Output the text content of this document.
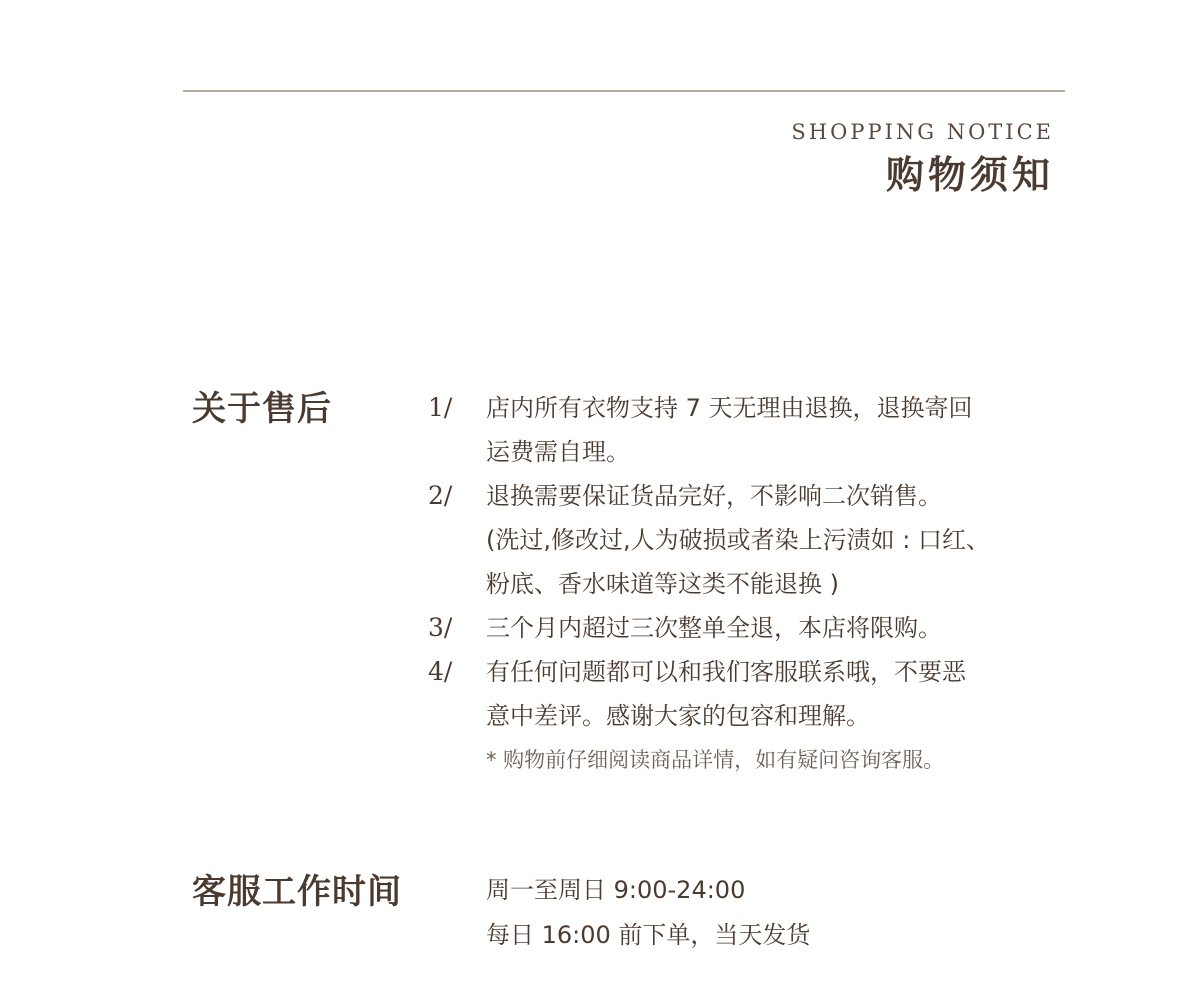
SHOPPING NOTICE
购物须知
关于售后	1/ 店内所有衣物支持 7 天无理由退换，退换寄回
运费需自理。
2/ 退换需要保证货品完好，不影响二次销售。
(洗过,修改过,人为破损或者染上污渍如 : 口红、
粉底、香水味道等这类不能退换 )
3/ 三个月内超过三次整单全退，本店将限购。
4/ 有任何问题都可以和我们客服联系哦，不要恶
意中差评。感谢大家的包容和理解。
* 购物前仔细阅读商品详情，如有疑问咨询客服。
客服工作时间	周一至周日 9:00-24:00
每日 16:00 前下单，当天发货
